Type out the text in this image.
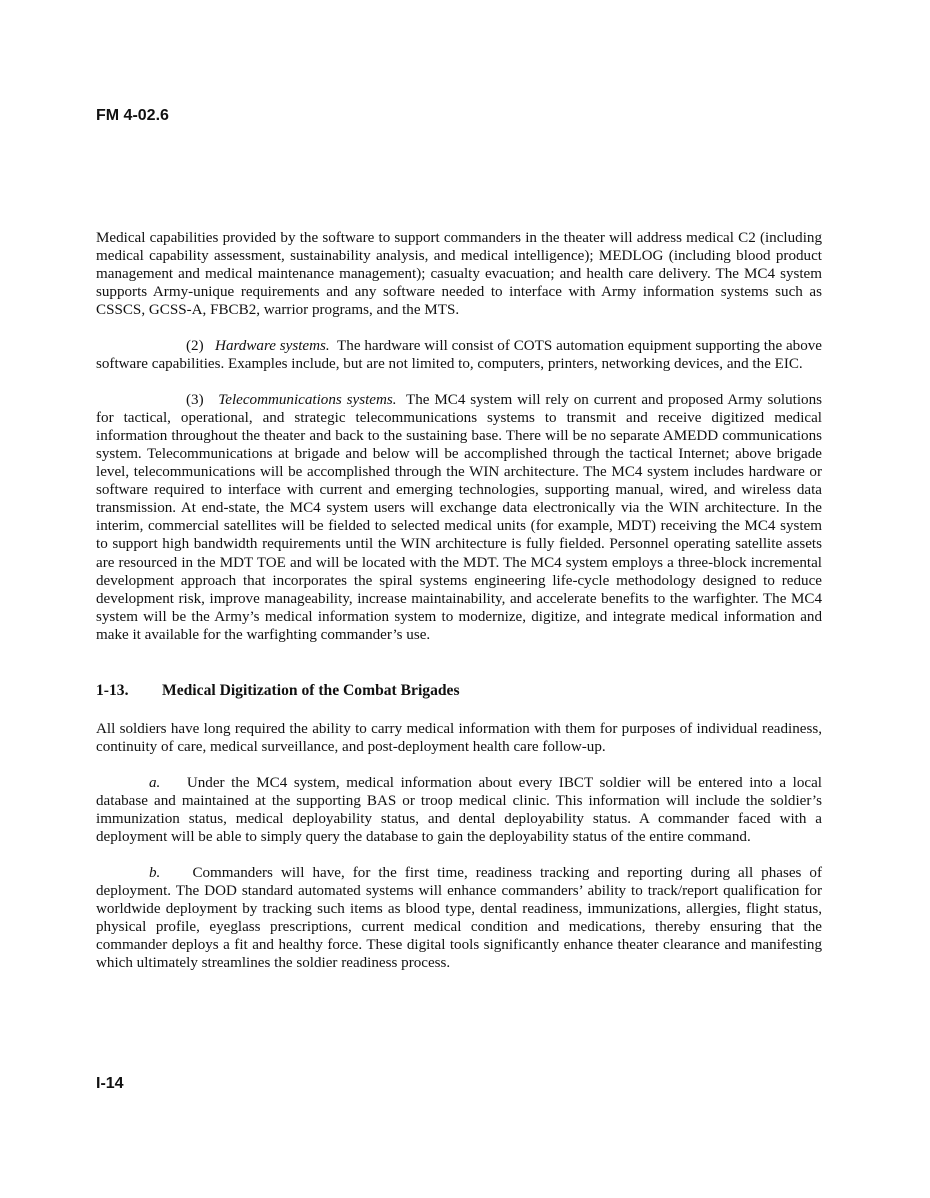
FM 4-02.6

Medical capabilities provided by the software to support commanders in the theater will address medical C2 (including medical capability assessment, sustainability analysis, and medical intelligence); MEDLOG (including blood product management and medical maintenance management); casualty evacuation; and health care delivery. The MC4 system supports Army-unique requirements and any software needed to interface with Army information systems such as CSSCS, GCSS-A, FBCB2, warrior programs, and the MTS.

(2) Hardware systems. The hardware will consist of COTS automation equipment supporting the above software capabilities. Examples include, but are not limited to, computers, printers, networking devices, and the EIC.

(3) Telecommunications systems. The MC4 system will rely on current and proposed Army solutions for tactical, operational, and strategic telecommunications systems to transmit and receive digitized medical information throughout the theater and back to the sustaining base. There will be no separate AMEDD communications system. Telecommunications at brigade and below will be accomplished through the tactical Internet; above brigade level, telecommunications will be accomplished through the WIN architecture. The MC4 system includes hardware or software required to interface with current and emerging technologies, supporting manual, wired, and wireless data transmission. At end-state, the MC4 system users will exchange data electronically via the WIN architecture. In the interim, commercial satellites will be fielded to selected medical units (for example, MDT) receiving the MC4 system to support high bandwidth requirements until the WIN architecture is fully fielded. Personnel operating satellite assets are resourced in the MDT TOE and will be located with the MDT. The MC4 system employs a three-block incremental development approach that incorporates the spiral systems engineering life-cycle methodology designed to reduce development risk, improve manageability, increase maintainability, and accelerate benefits to the warfighter. The MC4 system will be the Army’s medical information system to modernize, digitize, and integrate medical information and make it available for the warfighting commander’s use.

1-13. Medical Digitization of the Combat Brigades

All soldiers have long required the ability to carry medical information with them for purposes of individual readiness, continuity of care, medical surveillance, and post-deployment health care follow-up.

a. Under the MC4 system, medical information about every IBCT soldier will be entered into a local database and maintained at the supporting BAS or troop medical clinic. This information will include the soldier’s immunization status, medical deployability status, and dental deployability status. A commander faced with a deployment will be able to simply query the database to gain the deployability status of the entire command.

b. Commanders will have, for the first time, readiness tracking and reporting during all phases of deployment. The DOD standard automated systems will enhance commanders’ ability to track/report qualification for worldwide deployment by tracking such items as blood type, dental readiness, immunizations, allergies, flight status, physical profile, eyeglass prescriptions, current medical condition and medications, thereby ensuring that the commander deploys a fit and healthy force. These digital tools significantly enhance theater clearance and manifesting which ultimately streamlines the soldier readiness process.

I-14
